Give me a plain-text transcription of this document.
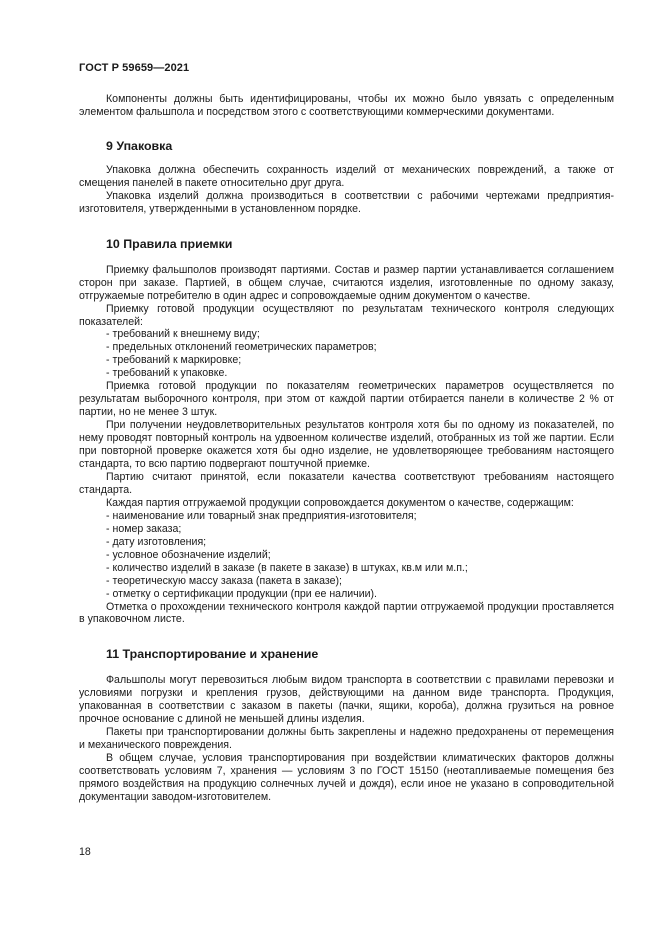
ГОСТ Р 59659—2021

Компоненты должны быть идентифицированы, чтобы их можно было увязать с определенным элементом фальшпола и посредством этого с соответствующими коммерческими документами.

9 Упаковка

Упаковка должна обеспечить сохранность изделий от механических повреждений, а также от смещения панелей в пакете относительно друг друга.

Упаковка изделий должна производиться в соответствии с рабочими чертежами предприятия-изготовителя, утвержденными в установленном порядке.

10 Правила приемки

Приемку фальшполов производят партиями. Состав и размер партии устанавливается соглашением сторон при заказе. Партией, в общем случае, считаются изделия, изготовленные по одному заказу, отгружаемые потребителю в один адрес и сопровождаемые одним документом о качестве.

Приемку готовой продукции осуществляют по результатам технического контроля следующих показателей:

- требований к внешнему виду;

- предельных отклонений геометрических параметров;

- требований к маркировке;

- требований к упаковке.

Приемка готовой продукции по показателям геометрических параметров осуществляется по результатам выборочного контроля, при этом от каждой партии отбирается панели в количестве 2 % от партии, но не менее 3 штук.

При получении неудовлетворительных результатов контроля хотя бы по одному из показателей, по нему проводят повторный контроль на удвоенном количестве изделий, отобранных из той же партии. Если при повторной проверке окажется хотя бы одно изделие, не удовлетворяющее требованиям настоящего стандарта, то всю партию подвергают поштучной приемке.

Партию считают принятой, если показатели качества соответствуют требованиям настоящего стандарта.

Каждая партия отгружаемой продукции сопровождается документом о качестве, содержащим:

- наименование или товарный знак предприятия-изготовителя;

- номер заказа;

- дату изготовления;

- условное обозначение изделий;

- количество изделий в заказе (в пакете в заказе) в штуках, кв.м или м.п.;

- теоретическую массу заказа (пакета в заказе);

- отметку о сертификации продукции (при ее наличии).

Отметка о прохождении технического контроля каждой партии отгружаемой продукции проставляется в упаковочном листе.

11 Транспортирование и хранение

Фальшполы могут перевозиться любым видом транспорта в соответствии с правилами перевозки и условиями погрузки и крепления грузов, действующими на данном виде транспорта. Продукция, упакованная в соответствии с заказом в пакеты (пачки, ящики, короба), должна грузиться на ровное прочное основание с длиной не меньшей длины изделия.

Пакеты при транспортировании должны быть закреплены и надежно предохранены от перемещения и механического повреждения.

В общем случае, условия транспортирования при воздействии климатических факторов должны соответствовать условиям 7, хранения — условиям 3 по ГОСТ 15150 (неотапливаемые помещения без прямого воздействия на продукцию солнечных лучей и дождя), если иное не указано в сопроводительной документации заводом-изготовителем.

18
